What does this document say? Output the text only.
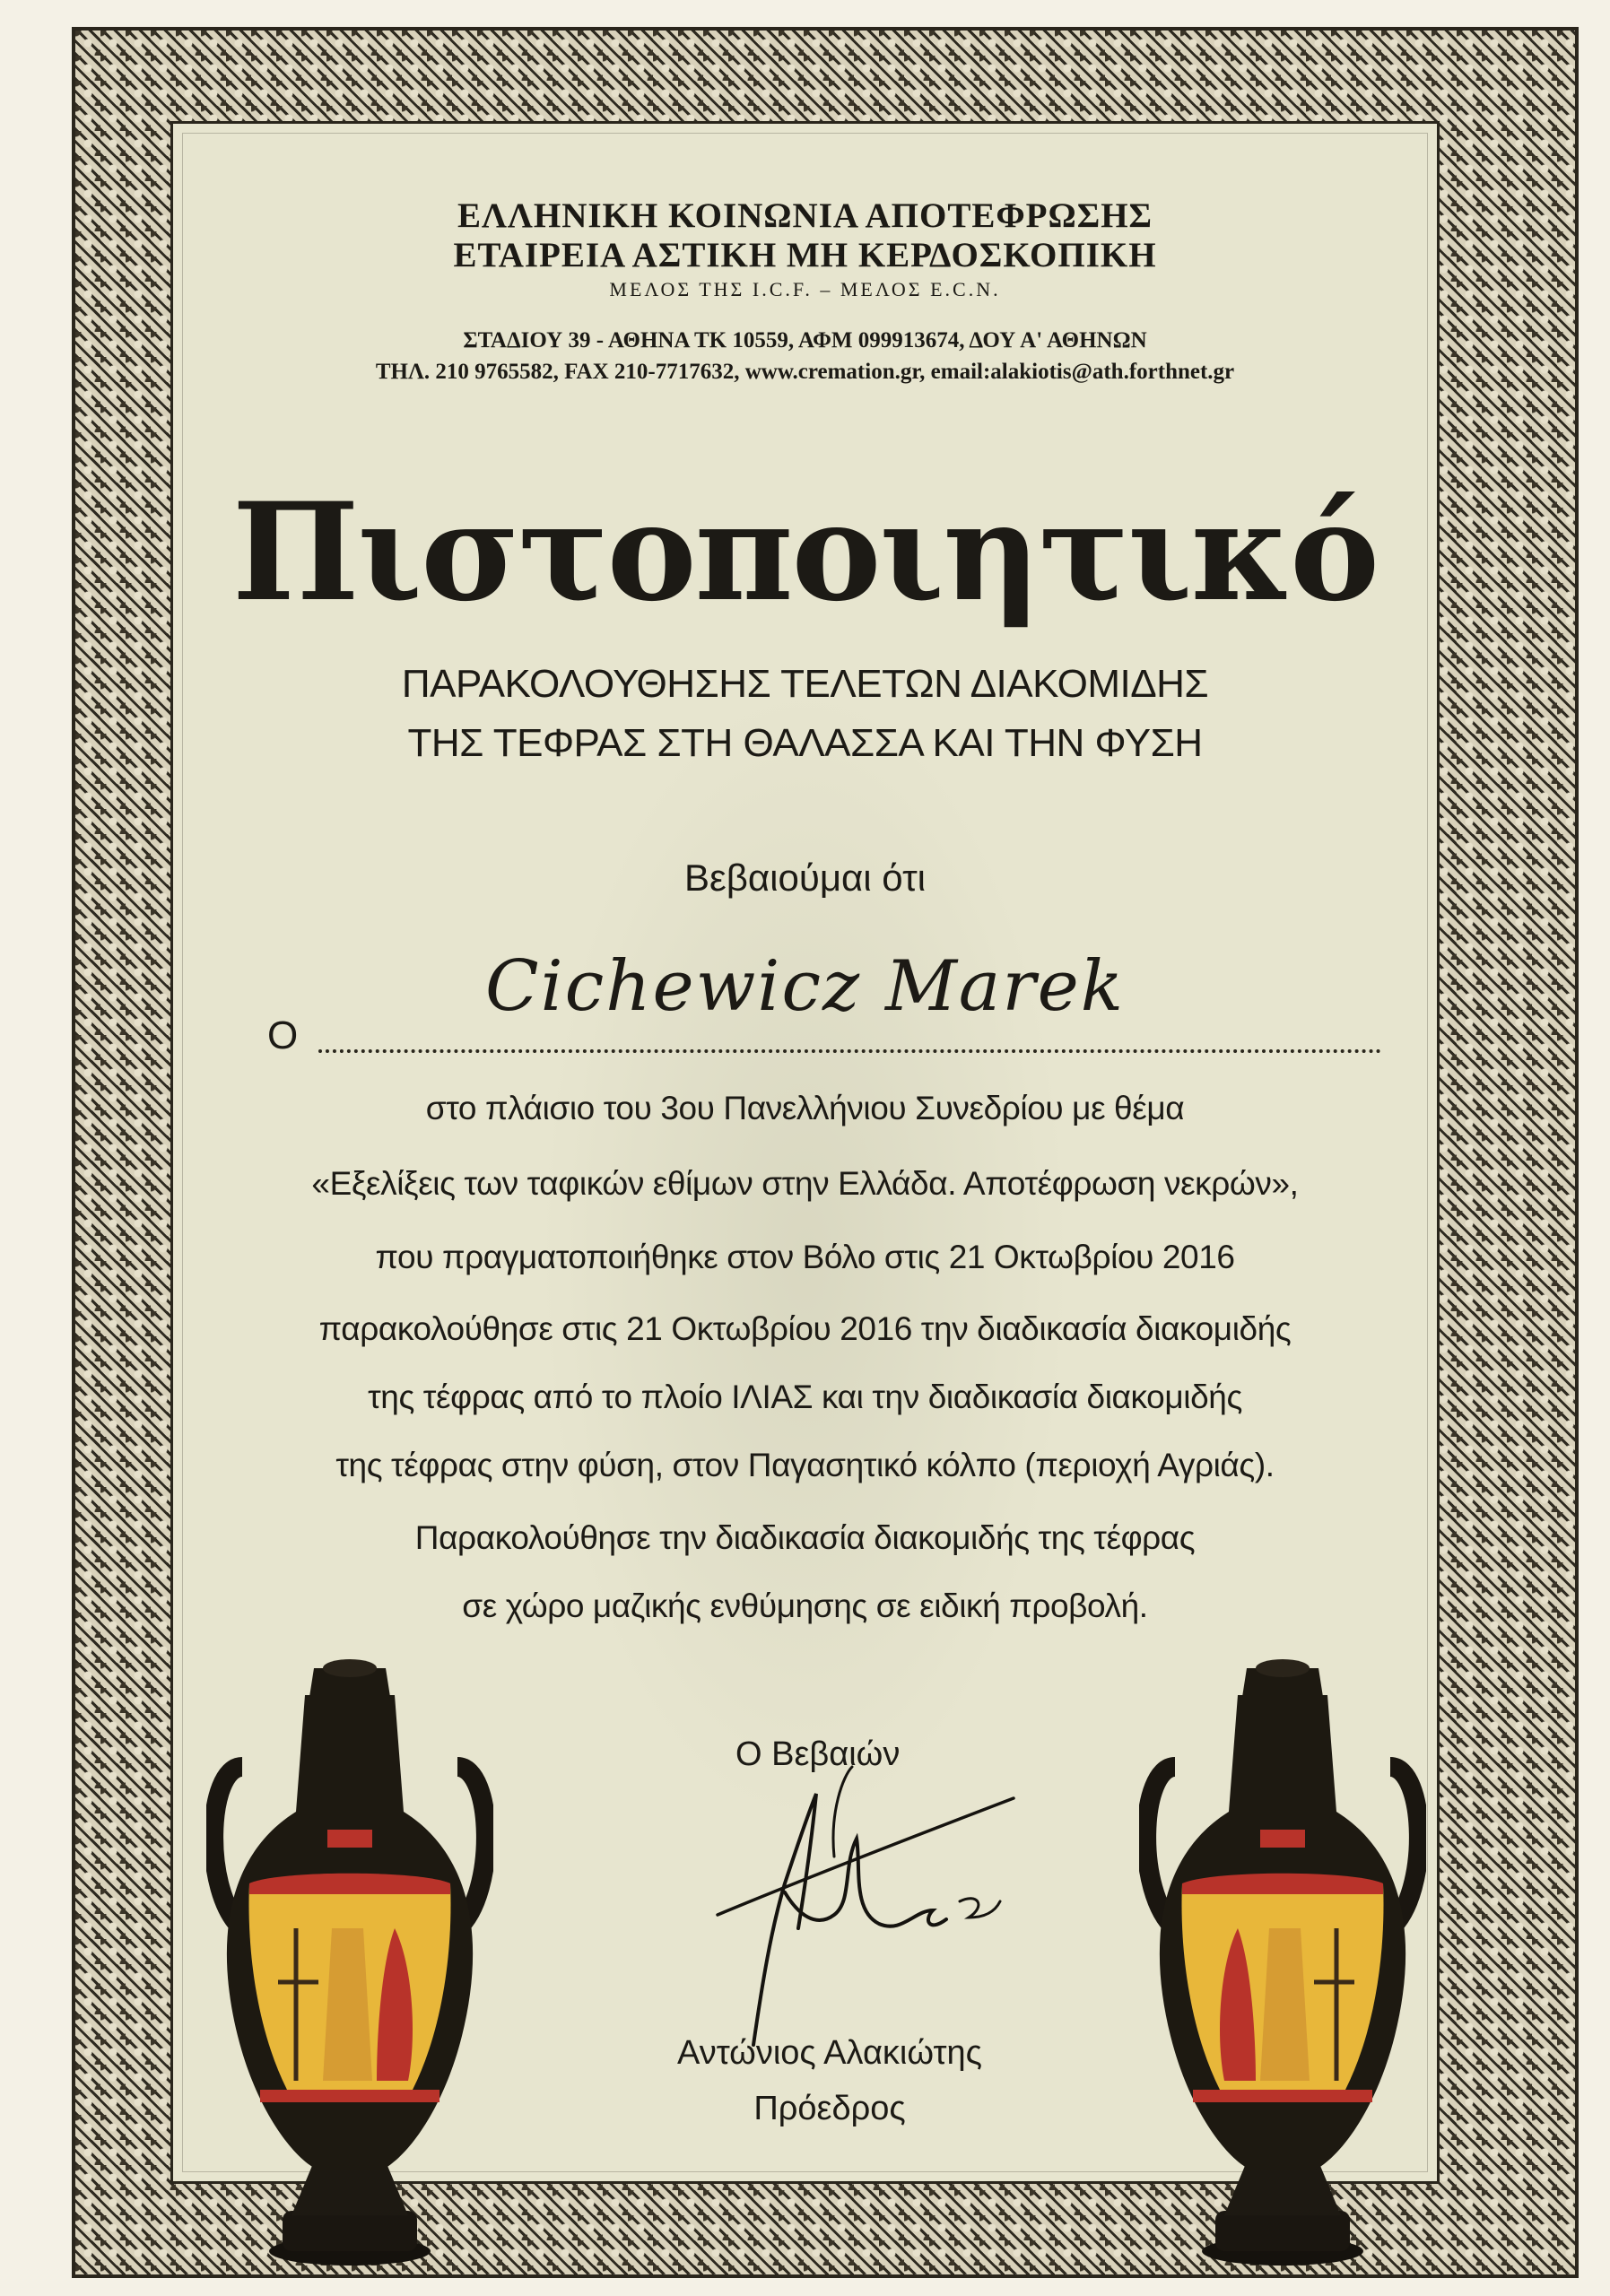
ΕΛΛΗΝΙΚΗ ΚΟΙΝΩΝΙΑ ΑΠΟΤΕΦΡΩΣΗΣ

ΕΤΑΙΡΕΙΑ ΑΣΤΙΚΗ ΜΗ ΚΕΡΔΟΣΚΟΠΙΚΗ

ΜΕΛΟΣ ΤΗΣ I.C.F. – ΜΕΛΟΣ E.C.N.

ΣΤΑΔΙΟΥ 39 - ΑΘΗΝΑ ΤΚ 10559, ΑΦΜ 099913674, ΔΟΥ Α' ΑΘΗΝΩΝ

ΤΗΛ. 210 9765582, FAX 210-7717632, www.cremation.gr, email:alakiotis@ath.forthnet.gr

Πιστοποιητικό

ΠΑΡΑΚΟΛΟΥΘΗΣΗΣ ΤΕΛΕΤΩΝ ΔΙΑΚΟΜΙΔΗΣ

ΤΗΣ ΤΕΦΡΑΣ ΣΤΗ ΘΑΛΑΣΣΑ ΚΑΙ ΤΗΝ ΦΥΣΗ

Βεβαιούμαι ότι

Cichewicz Marek

Ο

στο πλάισιο του 3ου Πανελλήνιου Συνεδρίου με θέμα

«Εξελίξεις των ταφικών εθίμων στην Ελλάδα. Αποτέφρωση νεκρών»,

που πραγματοποιήθηκε στον Βόλο στις 21 Οκτωβρίου 2016

παρακολούθησε στις 21 Οκτωβρίου 2016 την διαδικασία διακομιδής

της τέφρας από το πλοίο ΙΛΙΑΣ και την διαδικασία διακομιδής

της τέφρας στην φύση, στον Παγασητικό κόλπο (περιοχή Αγριάς).

Παρακολούθησε την διαδικασία διακομιδής της τέφρας

σε χώρο μαζικής ενθύμησης σε ειδική προβολή.

Ο Βεβαιών
Αντώνιος Αλακιώτης
Πρόεδρος
